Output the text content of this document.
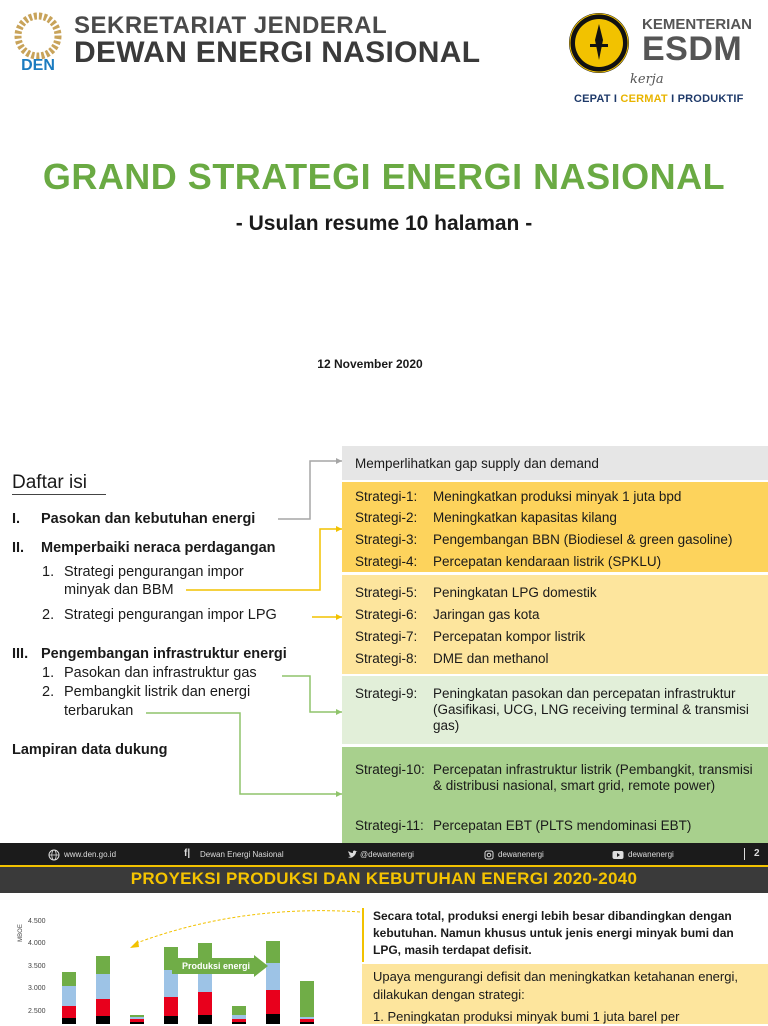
DEN
SEKRETARIAT JENDERAL
DEWAN ENERGI NASIONAL
KEMENTERIAN
ESDM
kerja
CEPAT I CERMAT I PRODUKTIF
GRAND STRATEGI ENERGI NASIONAL
- Usulan resume 10 halaman -
12 November 2020
Daftar isi
I. Pasokan dan kebutuhan energi
II. Memperbaiki neraca perdagangan
1. Strategi pengurangan impor
minyak dan BBM
2. Strategi pengurangan impor LPG
III. Pengembangan infrastruktur energi
1. Pasokan dan infrastruktur gas
2. Pembangkit listrik dan energi
terbarukan
Lampiran data dukung
Memperlihatkan gap supply dan demand
Strategi-1: Meningkatkan produksi minyak 1 juta bpd
Strategi-2: Meningkatkan kapasitas kilang
Strategi-3: Pengembangan BBN (Biodiesel & green gasoline)
Strategi-4: Percepatan kendaraan listrik (SPKLU)
Strategi-5: Peningkatan LPG domestik
Strategi-6: Jaringan gas kota
Strategi-7: Percepatan kompor listrik
Strategi-8: DME dan methanol
Strategi-9: Peningkatan pasokan dan percepatan infrastruktur (Gasifikasi, UCG, LNG receiving terminal & transmisi gas)
Strategi-10: Percepatan infrastruktur listrik (Pembangkit, transmisi & distribusi nasional, smart grid, remote power)
Strategi-11: Percepatan EBT (PLTS mendominasi EBT)
www.den.go.id	f| Dewan Energi Nasional	@dewanenergi	dewanenergi	dewanenergi	2
PROYEKSI PRODUKSI DAN KEBUTUHAN ENERGI 2020-2040
MBOE
4.500
4.000
3.500
3.000
2.500
Produksi energi
Secara total, produksi energi lebih besar dibandingkan dengan kebutuhan. Namun khusus untuk jenis energi minyak bumi dan LPG, masih terdapat defisit.
Upaya mengurangi defisit dan meningkatkan ketahanan energi, dilakukan dengan strategi:
1. Peningkatan produksi minyak bumi 1 juta barel per
